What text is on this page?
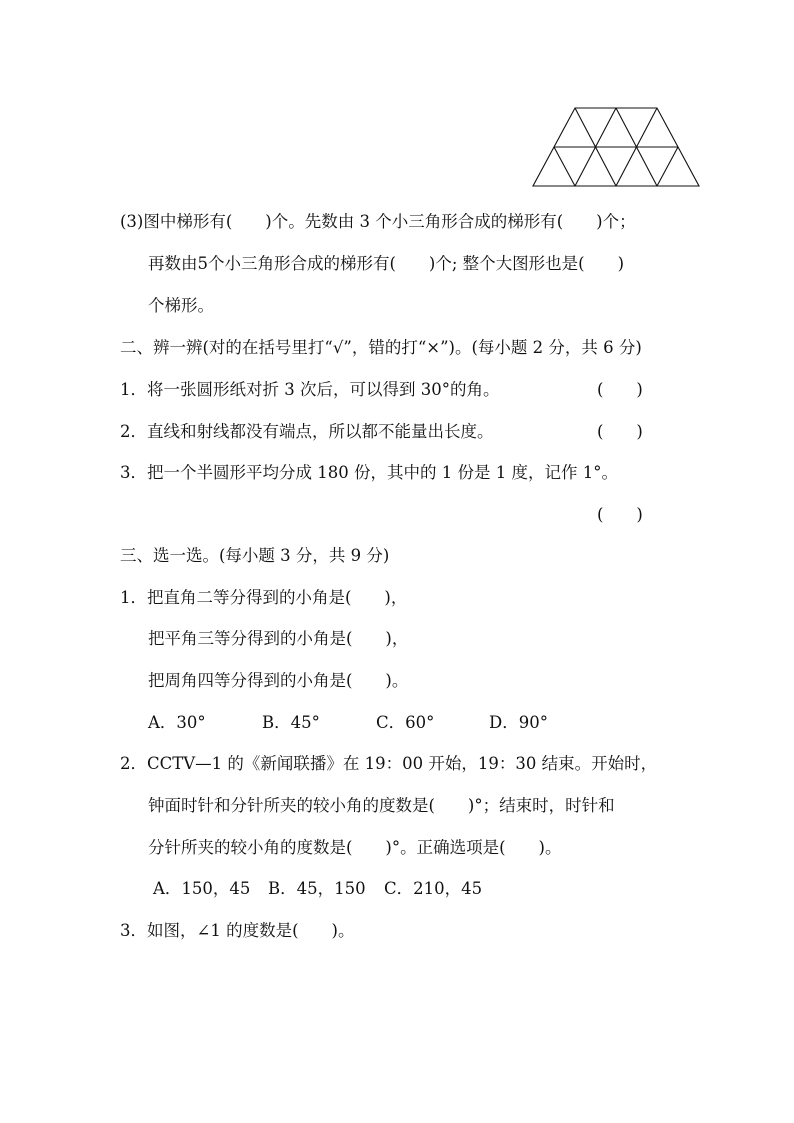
(3)图中梯形有(　　)个。先数由 3 个小三角形合成的梯形有(　　)个；
再数由5个小三角形合成的梯形有(　　)个; 整个大图形也是(　　)
个梯形。
二、辨一辨(对的在括号里打“√”，错的打“×”)。(每小题 2 分，共 6 分)
1．将一张圆形纸对折 3 次后，可以得到 30°的角。	(　　)
2．直线和射线都没有端点，所以都不能量出长度。	(　　)
3．把一个半圆形平均分成 180 份，其中的 1 份是 1 度，记作 1°。
(　　)
三、选一选。(每小题 3 分，共 9 分)
1．把直角二等分得到的小角是(　　)，
把平角三等分得到的小角是(　　)，
把周角四等分得到的小角是(　　)。
A．30°	B．45°	C．60°	D．90°
2．CCTV—1 的《新闻联播》在 19：00 开始，19：30 结束。开始时，
钟面时针和分针所夹的较小角的度数是(　　)°；结束时，时针和
分针所夹的较小角的度数是(　　)°。正确选项是(　　)。
A．150，45 B．45，150 C．210，45
3．如图，∠1 的度数是(　　)。
